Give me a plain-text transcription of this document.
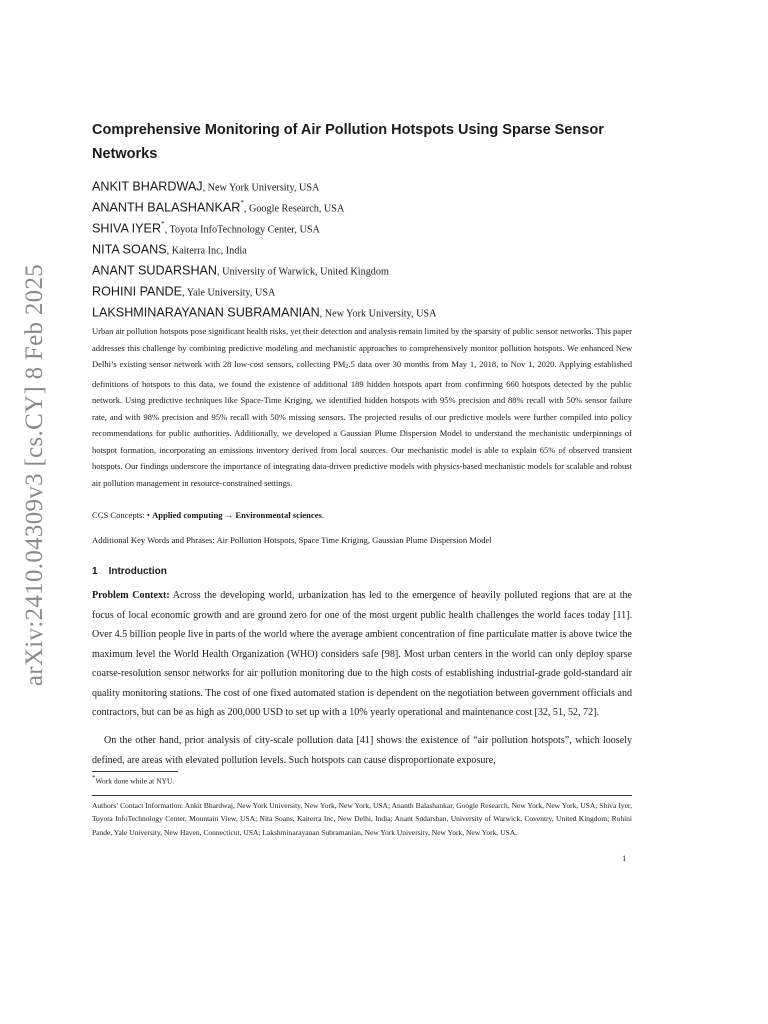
arXiv:2410.04309v3 [cs.CY] 8 Feb 2025
Comprehensive Monitoring of Air Pollution Hotspots Using Sparse Sensor Networks
ANKIT BHARDWAJ, New York University, USA
ANANTH BALASHANKAR*, Google Research, USA
SHIVA IYER*, Toyota InfoTechnology Center, USA
NITA SOANS, Kaiterra Inc, India
ANANT SUDARSHAN, University of Warwick, United Kingdom
ROHINI PANDE, Yale University, USA
LAKSHMINARAYANAN SUBRAMANIAN, New York University, USA

Urban air pollution hotspots pose significant health risks, yet their detection and analysis remain limited by the sparsity of public sensor networks. This paper addresses this challenge by combining predictive modeling and mechanistic approaches to comprehensively monitor pollution hotspots. We enhanced New Delhi’s existing sensor network with 28 low-cost sensors, collecting PM2.5 data over 30 months from May 1, 2018, to Nov 1, 2020. Applying established definitions of hotspots to this data, we found the existence of additional 189 hidden hotspots apart from confirming 660 hotspots detected by the public network. Using predictive techniques like Space-Time Kriging, we identified hidden hotspots with 95% precision and 88% recall with 50% sensor failure rate, and with 98% precision and 95% recall with 50% missing sensors. The projected results of our predictive models were further compiled into policy recommendations for public authorities. Additionally, we developed a Gaussian Plume Dispersion Model to understand the mechanistic underpinnings of hotspot formation, incorporating an emissions inventory derived from local sources. Our mechanistic model is able to explain 65% of observed transient hotspots. Our findings underscore the importance of integrating data-driven predictive models with physics-based mechanistic models for scalable and robust air pollution management in resource-constrained settings.

CCS Concepts: • Applied computing → Environmental sciences.

Additional Key Words and Phrases: Air Pollution Hotspots, Space Time Kriging, Gaussian Plume Dispersion Model

1 Introduction

Problem Context: Across the developing world, urbanization has led to the emergence of heavily polluted regions that are at the focus of local economic growth and are ground zero for one of the most urgent public health challenges the world faces today [11]. Over 4.5 billion people live in parts of the world where the average ambient concentration of fine particulate matter is above twice the maximum level the World Health Organization (WHO) considers safe [98]. Most urban centers in the world can only deploy sparse coarse-resolution sensor networks for air pollution monitoring due to the high costs of establishing industrial-grade gold-standard air quality monitoring stations. The cost of one fixed automated station is dependent on the negotiation between government officials and contractors, but can be as high as 200,000 USD to set up with a 10% yearly operational and maintenance cost [32, 51, 52, 72].

On the other hand, prior analysis of city-scale pollution data [41] shows the existence of “air pollution hotspots”, which loosely defined, are areas with elevated pollution levels. Such hotspots can cause disproportionate exposure,

*Work done while at NYU.

Authors’ Contact Information: Ankit Bhardwaj, New York University, New York, New York, USA; Ananth Balashankar, Google Research, New York, New York, USA; Shiva Iyer, Toyota InfoTechnology Center, Mountain View, USA; Nita Soans, Kaiterra Inc, New Delhi, India; Anant Sudarshan, University of Warwick, Coventry, United Kingdom; Rohini Pande, Yale University, New Haven, Connecticut, USA; Lakshminarayanan Subramanian, New York University, New York, New York, USA.

1
